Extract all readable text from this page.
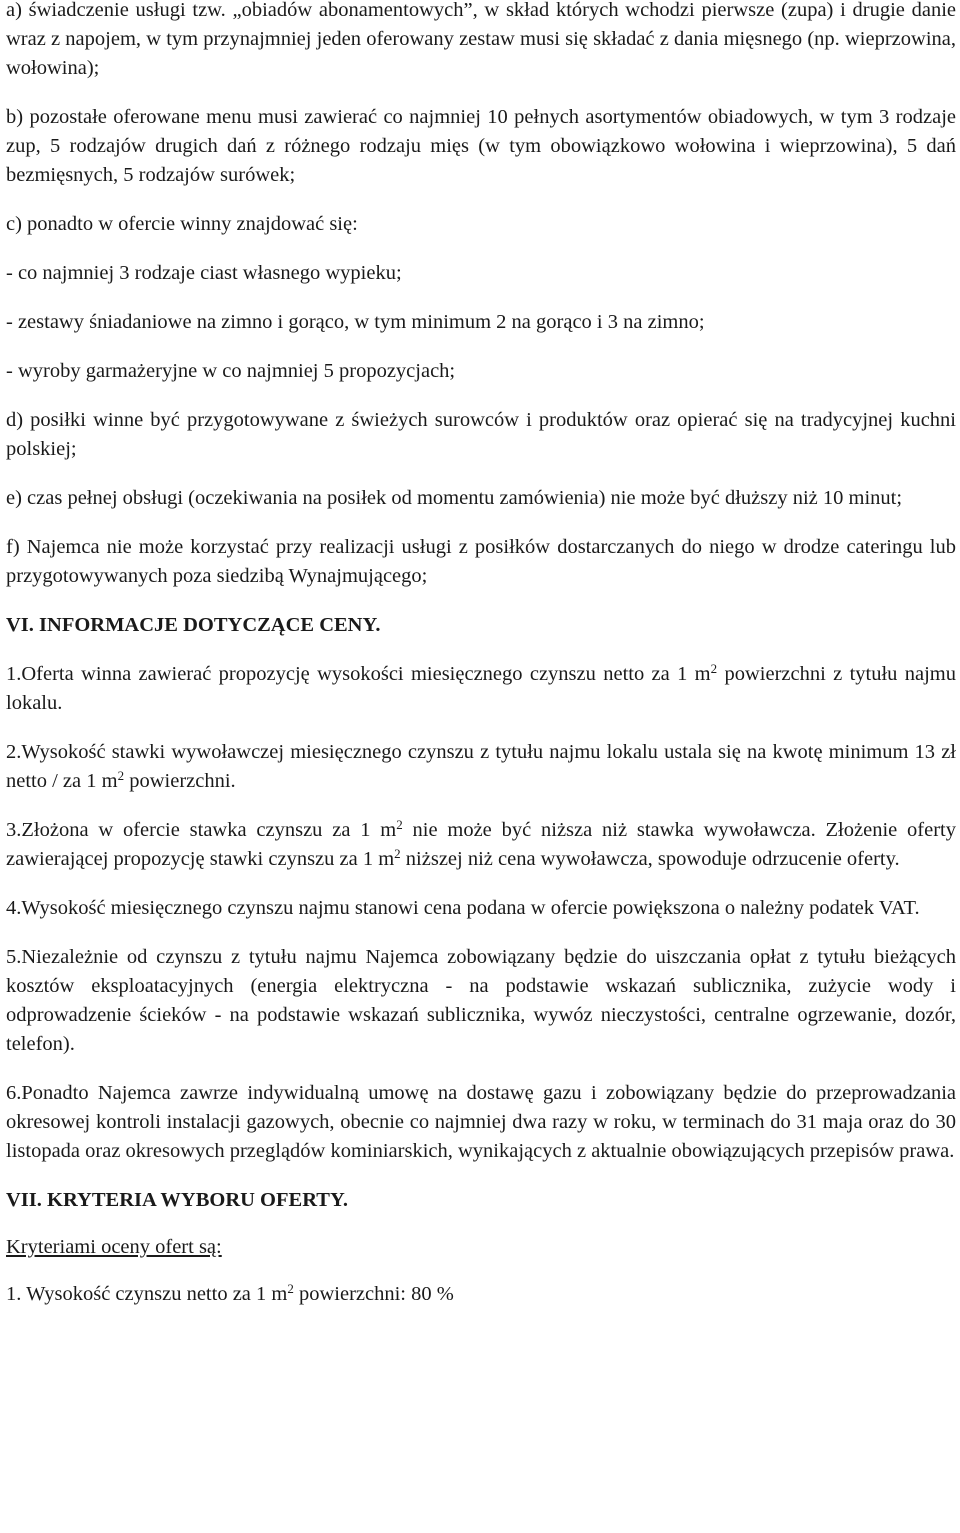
a) świadczenie usługi tzw. „obiadów abonamentowych”, w skład których wchodzi pierwsze (zupa) i drugie danie wraz z napojem, w tym przynajmniej jeden oferowany zestaw musi się składać z dania mięsnego (np. wieprzowina, wołowina);

b) pozostałe oferowane menu musi zawierać co najmniej 10 pełnych asortymentów obiadowych, w tym 3 rodzaje zup, 5 rodzajów drugich dań z różnego rodzaju mięs (w tym obowiązkowo wołowina i wieprzowina), 5 dań bezmięsnych, 5 rodzajów surówek;

c) ponadto w ofercie winny znajdować się:

- co najmniej 3 rodzaje ciast własnego wypieku;

- zestawy śniadaniowe na zimno i gorąco, w tym minimum 2 na gorąco i 3 na zimno;

- wyroby garmażeryjne w co najmniej 5 propozycjach;

d) posiłki winne być przygotowywane z świeżych surowców i produktów oraz opierać się na tradycyjnej kuchni polskiej;

e) czas pełnej obsługi (oczekiwania na posiłek od momentu zamówienia) nie może być dłuższy niż 10 minut;

f) Najemca nie może korzystać przy realizacji usługi z posiłków dostarczanych do niego w drodze cateringu lub przygotowywanych poza siedzibą Wynajmującego;

VI. INFORMACJE DOTYCZĄCE CENY.

1.Oferta winna zawierać propozycję wysokości miesięcznego czynszu netto za 1 $m^2$ powierzchni z tytułu najmu lokalu.

2.Wysokość stawki wywoławczej miesięcznego czynszu z tytułu najmu lokalu ustala się na kwotę minimum 13 zł netto / za 1 $m^2$ powierzchni.

3.Złożona w ofercie stawka czynszu za 1 $m^2$ nie może być niższa niż stawka wywoławcza. Złożenie oferty zawierającej propozycję stawki czynszu za 1 $m^2$ niższej niż cena wywoławcza, spowoduje odrzucenie oferty.

4.Wysokość miesięcznego czynszu najmu stanowi cena podana w ofercie powiększona o należny podatek VAT.

5.Niezależnie od czynszu z tytułu najmu Najemca zobowiązany będzie do uiszczania opłat z tytułu bieżących kosztów eksploatacyjnych (energia elektryczna - na podstawie wskazań sublicznika, zużycie wody i odprowadzenie ścieków - na podstawie wskazań sublicznika, wywóz nieczystości, centralne ogrzewanie, dozór, telefon).

6.Ponadto Najemca zawrze indywidualną umowę na dostawę gazu i zobowiązany będzie do przeprowadzania okresowej kontroli instalacji gazowych, obecnie co najmniej dwa razy w roku, w terminach do 31 maja oraz do 30 listopada oraz okresowych przeglądów kominiarskich, wynikających z aktualnie obowiązujących przepisów prawa.

VII. KRYTERIA WYBORU OFERTY.

Kryteriami oceny ofert są:

1. Wysokość czynszu netto za 1 $m^2$ powierzchni: 80 %
